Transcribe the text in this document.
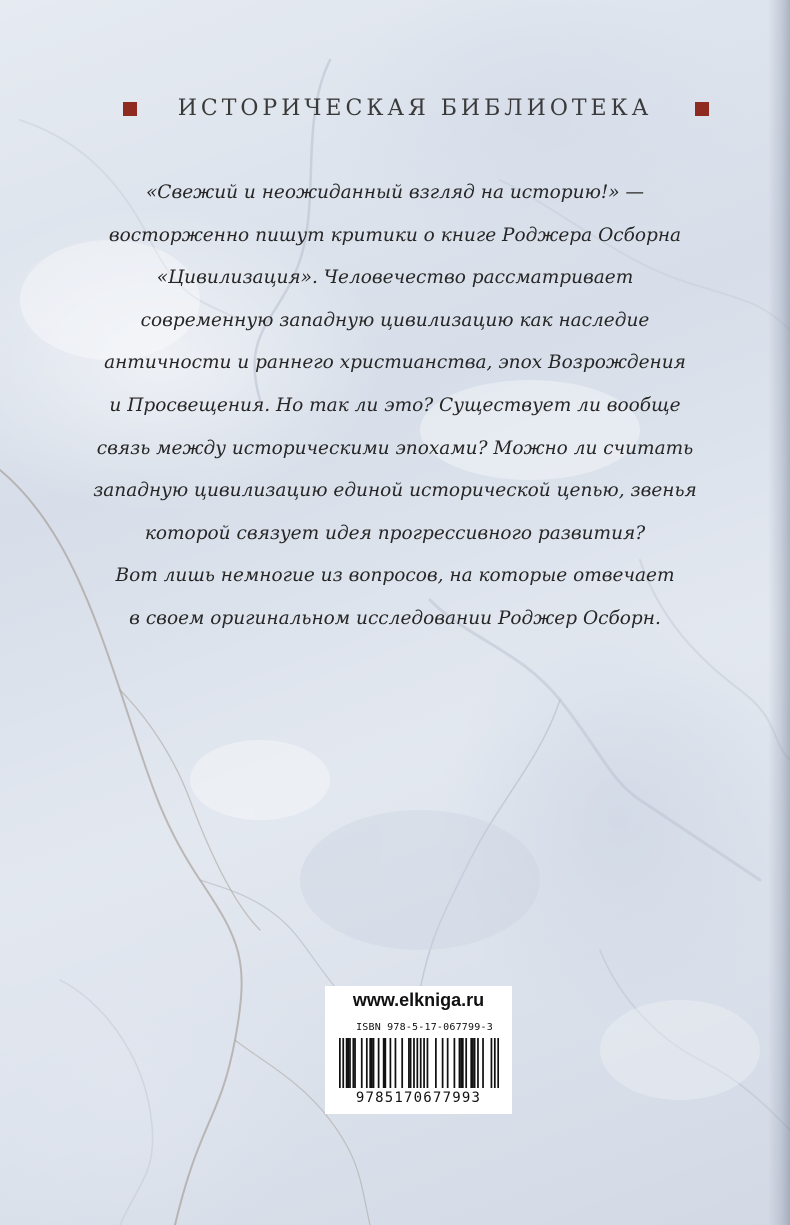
ИСТОРИЧЕСКАЯ БИБЛИОТЕКА
«Свежий и неожиданный взгляд на историю!» —
восторженно пишут критики о книге Роджера Осборна
«Цивилизация». Человечество рассматривает
современную западную цивилизацию как наследие
античности и раннего христианства, эпох Возрождения
и Просвещения. Но так ли это? Существует ли вообще
связь между историческими эпохами? Можно ли считать
западную цивилизацию единой исторической цепью, звенья
которой связует идея прогрессивного развития?
Вот лишь немногие из вопросов, на которые отвечает
в своем оригинальном исследовании Роджер Осборн.
www.elkniga.ru
ISBN 978-5-17-067799-3
9785170677993
